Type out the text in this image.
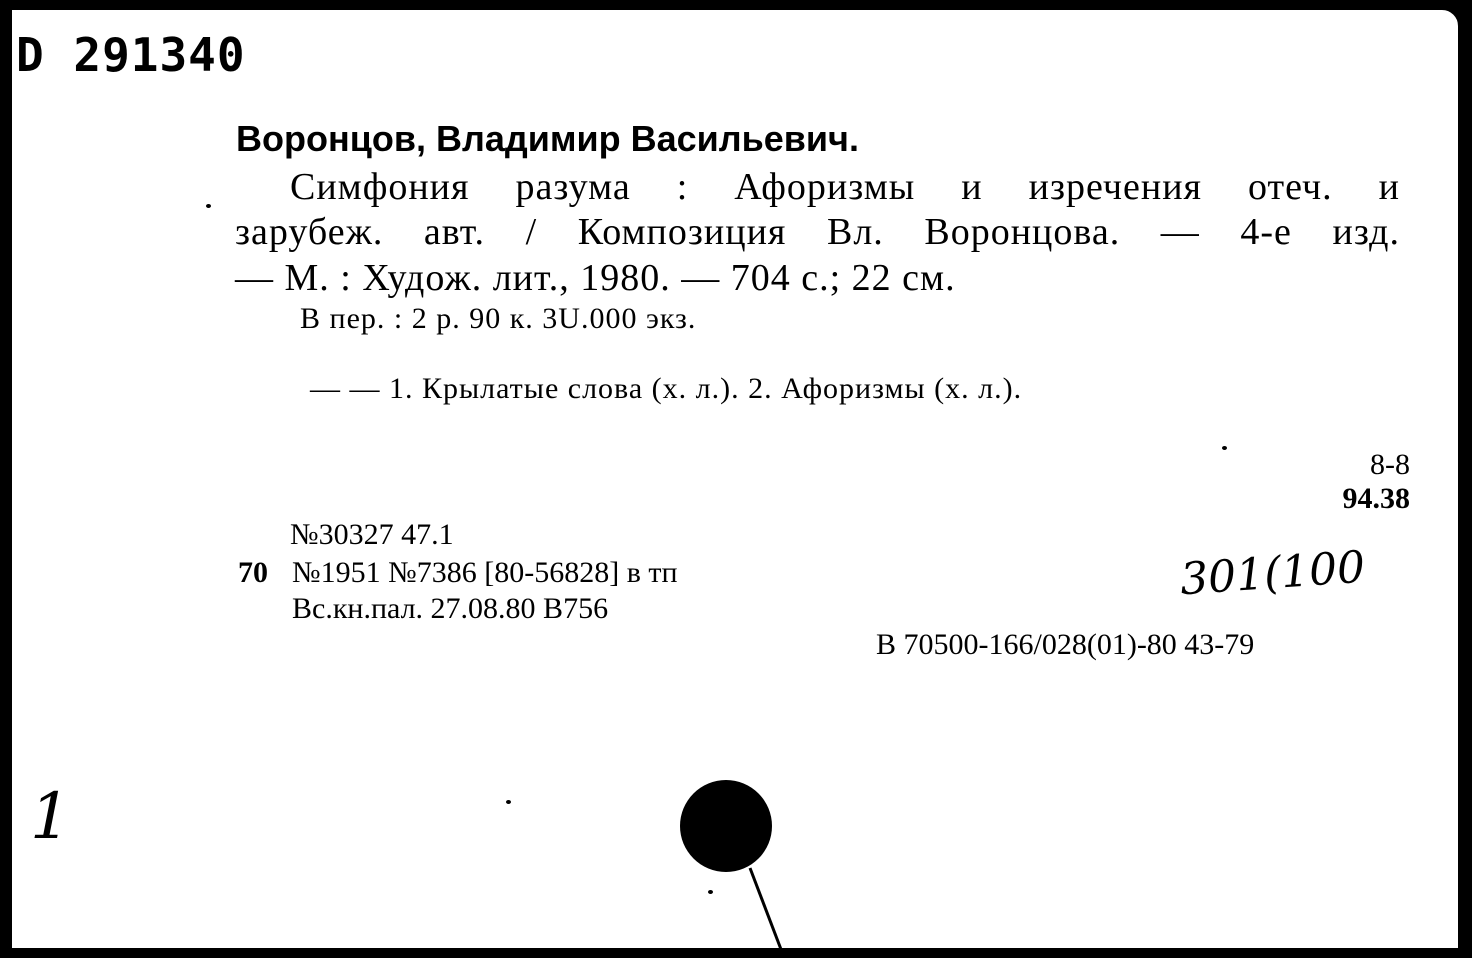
D 291340
Воронцов, Владимир Васильевич.
Симфония разума : Афоризмы и изречения отеч. и
зарубеж. авт. / Композиция Вл. Воронцова. — 4-е изд.
— М. : Худож. лит., 1980. — 704 с.; 22 см.
В пер. : 2 р. 90 к. 3U.000 экз.
— — 1. Крылатые слова (х. л.). 2. Афоризмы (х. л.).
8-8
94.38
№30327 47.1
70 №1951 №7386 [80-56828] в тп
Вс.кн.пал. 27.08.80 В756
301(100
В 70500-166/028(01)-80 43-79
1
